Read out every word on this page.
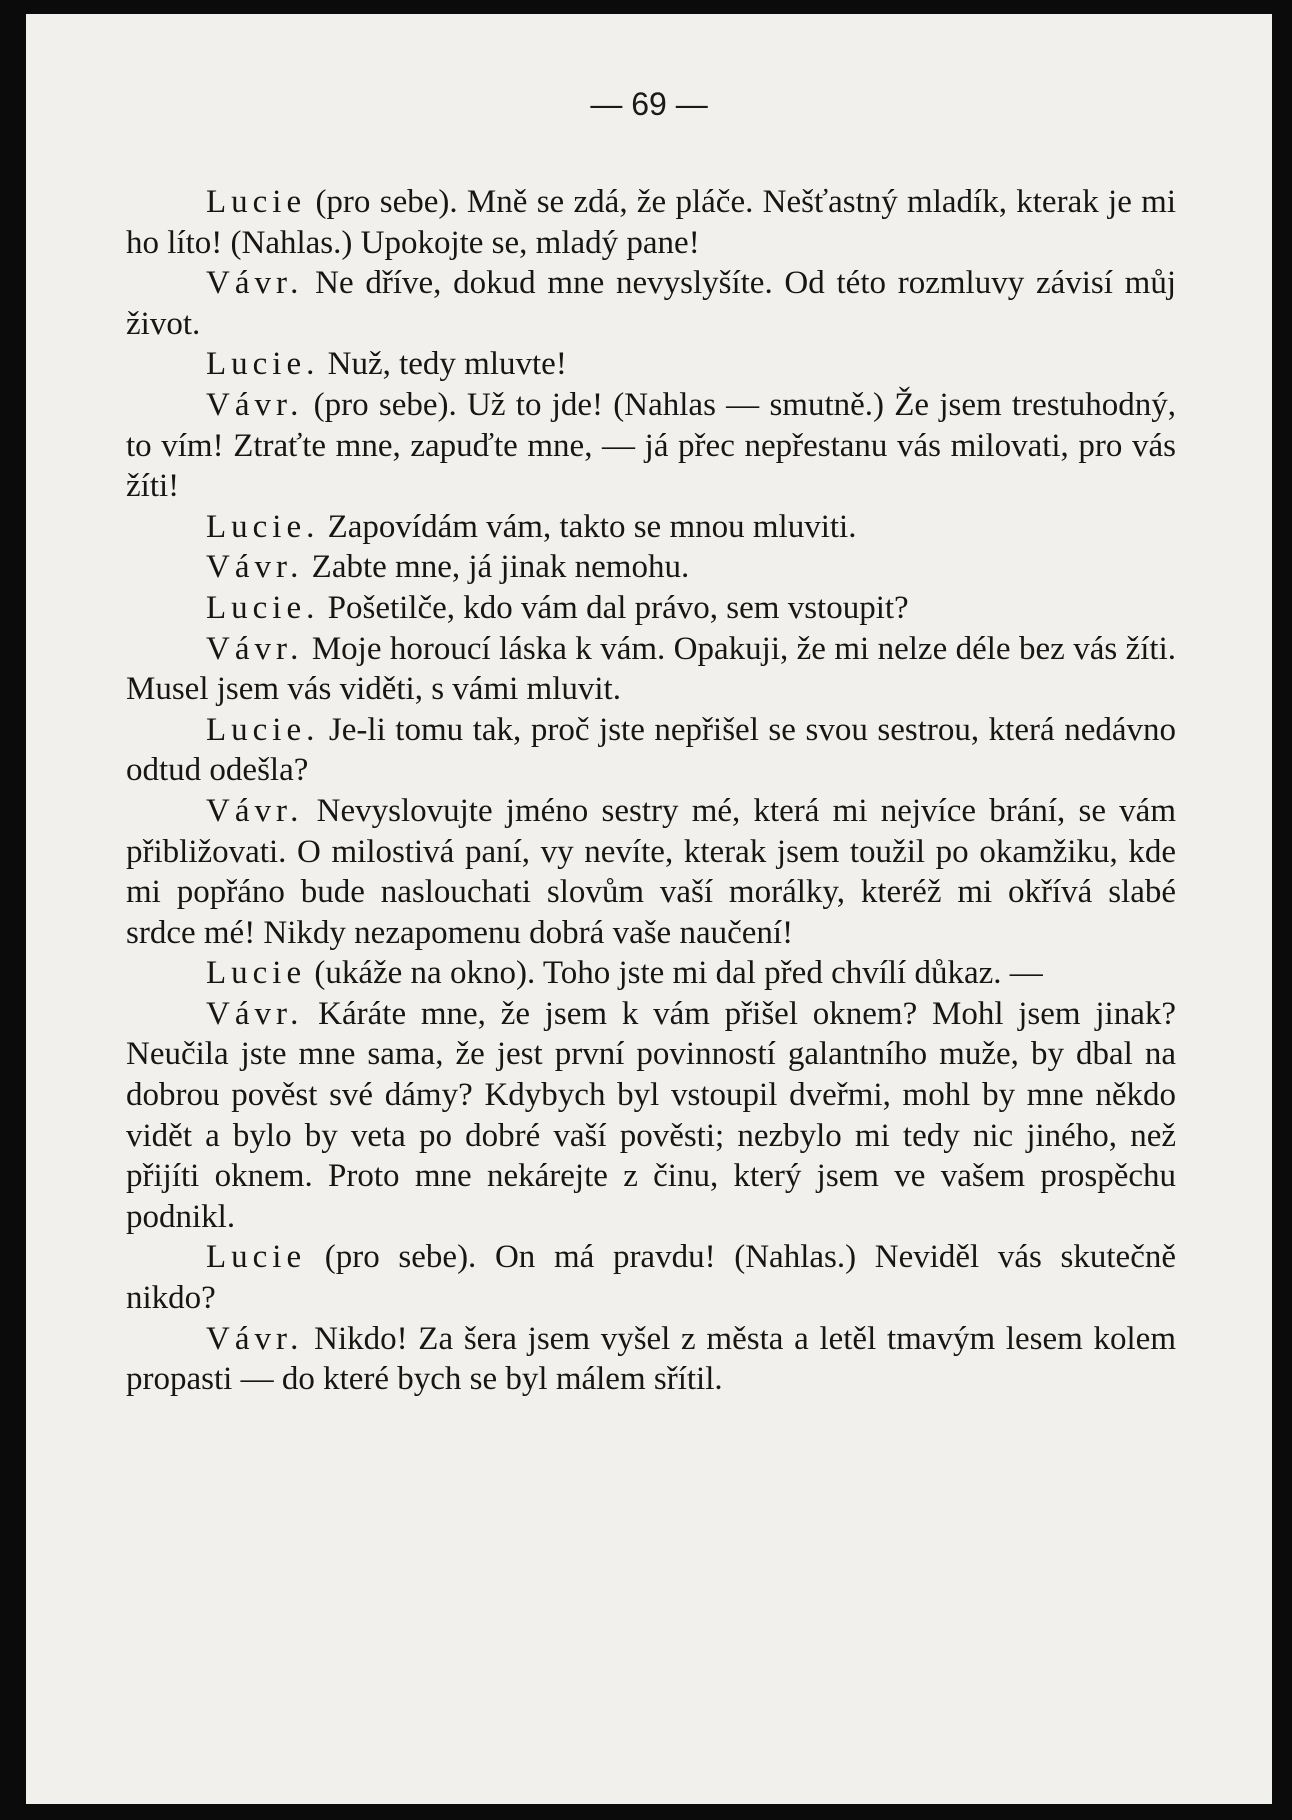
— 69 —

Lucie (pro sebe). Mně se zdá, že pláče. Nešťastný mladík, kterak je mi ho líto! (Nahlas.) Upokojte se, mladý pane!

Vávr. Ne dříve, dokud mne nevyslyšíte. Od této rozmluvy závisí můj život.

Lucie. Nuž, tedy mluvte!

Vávr. (pro sebe). Už to jde! (Nahlas — smutně.) Že jsem trestuhodný, to vím! Ztraťte mne, zapuďte mne, — já přec nepřestanu vás milovati, pro vás žíti!

Lucie. Zapovídám vám, takto se mnou mluviti.

Vávr. Zabte mne, já jinak nemohu.

Lucie. Pošetilče, kdo vám dal právo, sem vstoupit?

Vávr. Moje horoucí láska k vám. Opakuji, že mi nelze déle bez vás žíti. Musel jsem vás viděti, s vámi mluvit.

Lucie. Je-li tomu tak, proč jste nepřišel se svou sestrou, která nedávno odtud odešla?

Vávr. Nevyslovujte jméno sestry mé, která mi nejvíce brání, se vám přibližovati. O milostivá paní, vy nevíte, kterak jsem toužil po okamžiku, kde mi popřáno bude naslouchati slovům vaší morálky, kteréž mi okřívá slabé srdce mé! Nikdy nezapomenu dobrá vaše naučení!

Lucie (ukáže na okno). Toho jste mi dal před chvílí důkaz. —

Vávr. Káráte mne, že jsem k vám přišel oknem? Mohl jsem jinak? Neučila jste mne sama, že jest první povinností galantního muže, by dbal na dobrou pověst své dámy? Kdybych byl vstoupil dveřmi, mohl by mne někdo vidět a bylo by veta po dobré vaší pověsti; nezbylo mi tedy nic jiného, než přijíti oknem. Proto mne nekárejte z činu, který jsem ve vašem prospěchu podnikl.

Lucie (pro sebe). On má pravdu! (Nahlas.) Neviděl vás skutečně nikdo?

Vávr. Nikdo! Za šera jsem vyšel z města a letěl tmavým lesem kolem propasti — do které bych se byl málem sřítil.
